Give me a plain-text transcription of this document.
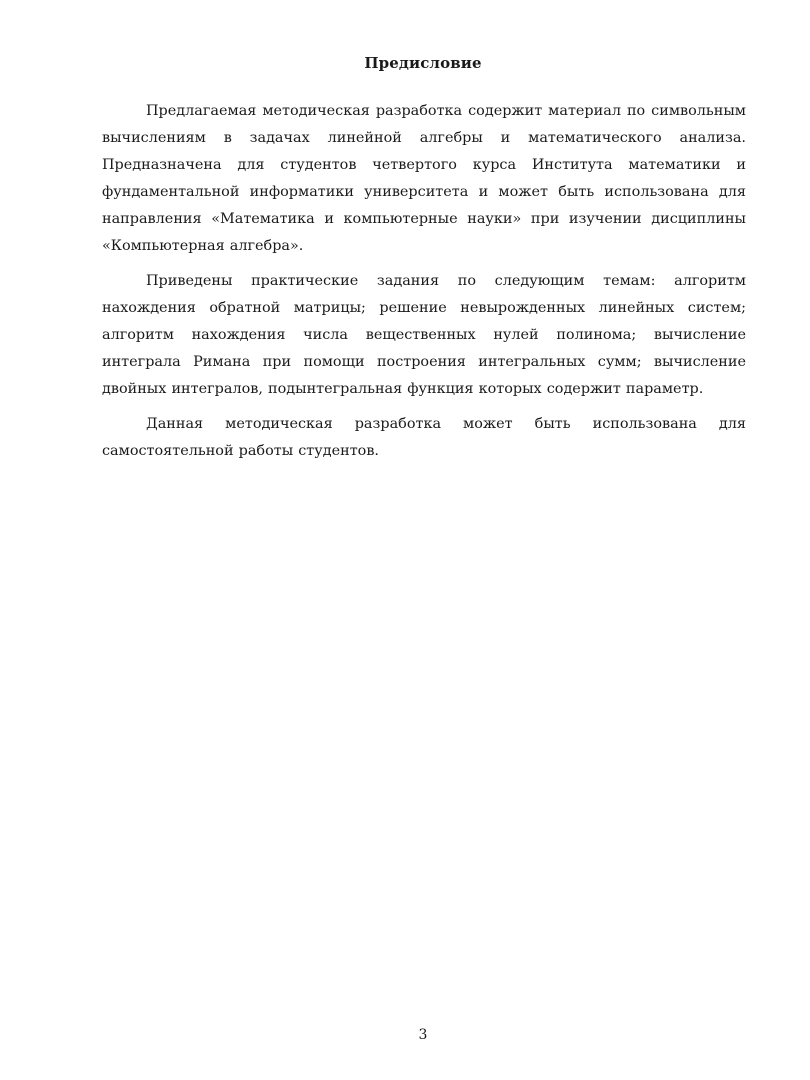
Предисловие

Предлагаемая методическая разработка содержит материал по символьным вычислениям в задачах линейной алгебры и математического анализа. Предназначена для студентов четвертого курса Института математики и фундаментальной информатики университета и может быть использована для направления «Математика и компьютерные науки» при изучении дисциплины «Компьютерная алгебра».

Приведены практические задания по следующим темам: алгоритм нахождения обратной матрицы; решение невырожденных линейных систем; алгоритм нахождения числа вещественных нулей полинома; вычисление интеграла Римана при помощи построения интегральных сумм; вычисление двойных интегралов, подынтегральная функция которых содержит параметр.

Данная методическая разработка может быть использована для самостоятельной работы студентов.

3
